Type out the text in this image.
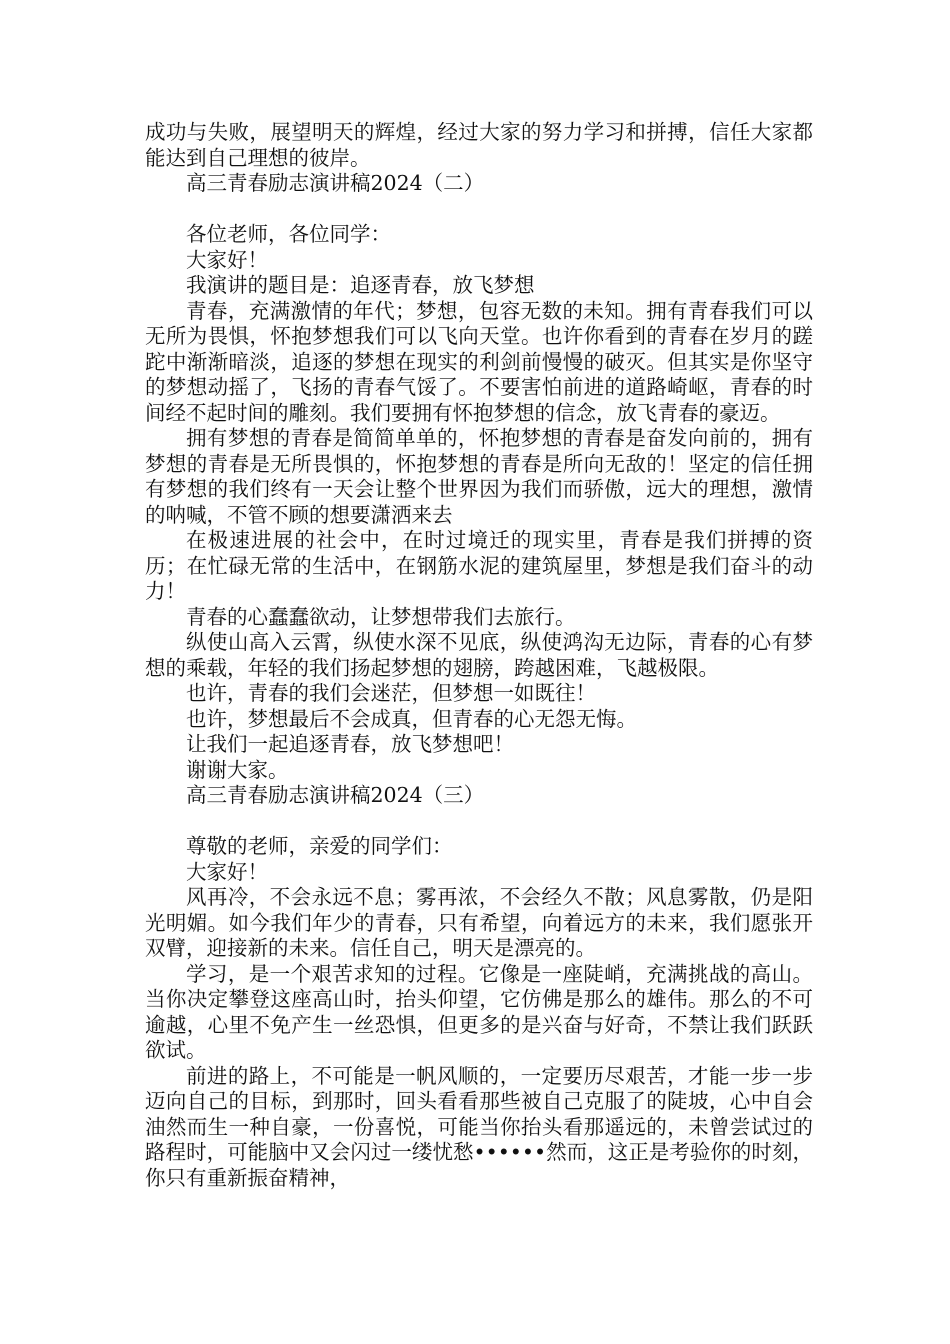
成功与失败，展望明天的辉煌，经过大家的努力学习和拼搏，信任大家都能达到自己理想的彼岸。

高三青春励志演讲稿2024（二）

各位老师，各位同学：

大家好！

我演讲的题目是：追逐青春，放飞梦想

青春，充满激情的年代；梦想，包容无数的未知。拥有青春我们可以无所为畏惧，怀抱梦想我们可以飞向天堂。也许你看到的青春在岁月的蹉跎中渐渐暗淡，追逐的梦想在现实的利剑前慢慢的破灭。但其实是你坚守的梦想动摇了，飞扬的青春气馁了。不要害怕前进的道路崎岖，青春的时间经不起时间的雕刻。我们要拥有怀抱梦想的信念，放飞青春的豪迈。

拥有梦想的青春是简简单单的，怀抱梦想的青春是奋发向前的，拥有梦想的青春是无所畏惧的，怀抱梦想的青春是所向无敌的！坚定的信任拥有梦想的我们终有一天会让整个世界因为我们而骄傲，远大的理想，激情的呐喊，不管不顾的想要潇洒来去

在极速进展的社会中，在时过境迁的现实里，青春是我们拼搏的资历；在忙碌无常的生活中，在钢筋水泥的建筑屋里，梦想是我们奋斗的动力！

青春的心蠢蠢欲动，让梦想带我们去旅行。

纵使山高入云霄，纵使水深不见底，纵使鸿沟无边际，青春的心有梦想的乘载，年轻的我们扬起梦想的翅膀，跨越困难，飞越极限。

也许，青春的我们会迷茫，但梦想一如既往！

也许，梦想最后不会成真，但青春的心无怨无悔。

让我们一起追逐青春，放飞梦想吧！

谢谢大家。

高三青春励志演讲稿2024（三）

尊敬的老师，亲爱的同学们：

大家好！

风再冷，不会永远不息；雾再浓，不会经久不散；风息雾散，仍是阳光明媚。如今我们年少的青春，只有希望，向着远方的未来，我们愿张开双臂，迎接新的未来。信任自己，明天是漂亮的。

学习，是一个艰苦求知的过程。它像是一座陡峭，充满挑战的高山。当你决定攀登这座高山时，抬头仰望，它仿佛是那么的雄伟。那么的不可逾越，心里不免产生一丝恐惧，但更多的是兴奋与好奇，不禁让我们跃跃欲试。

前进的路上，不可能是一帆风顺的，一定要历尽艰苦，才能一步一步迈向自己的目标，到那时，回头看看那些被自己克服了的陡坡，心中自会油然而生一种自豪，一份喜悦，可能当你抬头看那遥远的，未曾尝试过的路程时，可能脑中又会闪过一缕忧愁••••••然而，这正是考验你的时刻，你只有重新振奋精神，
